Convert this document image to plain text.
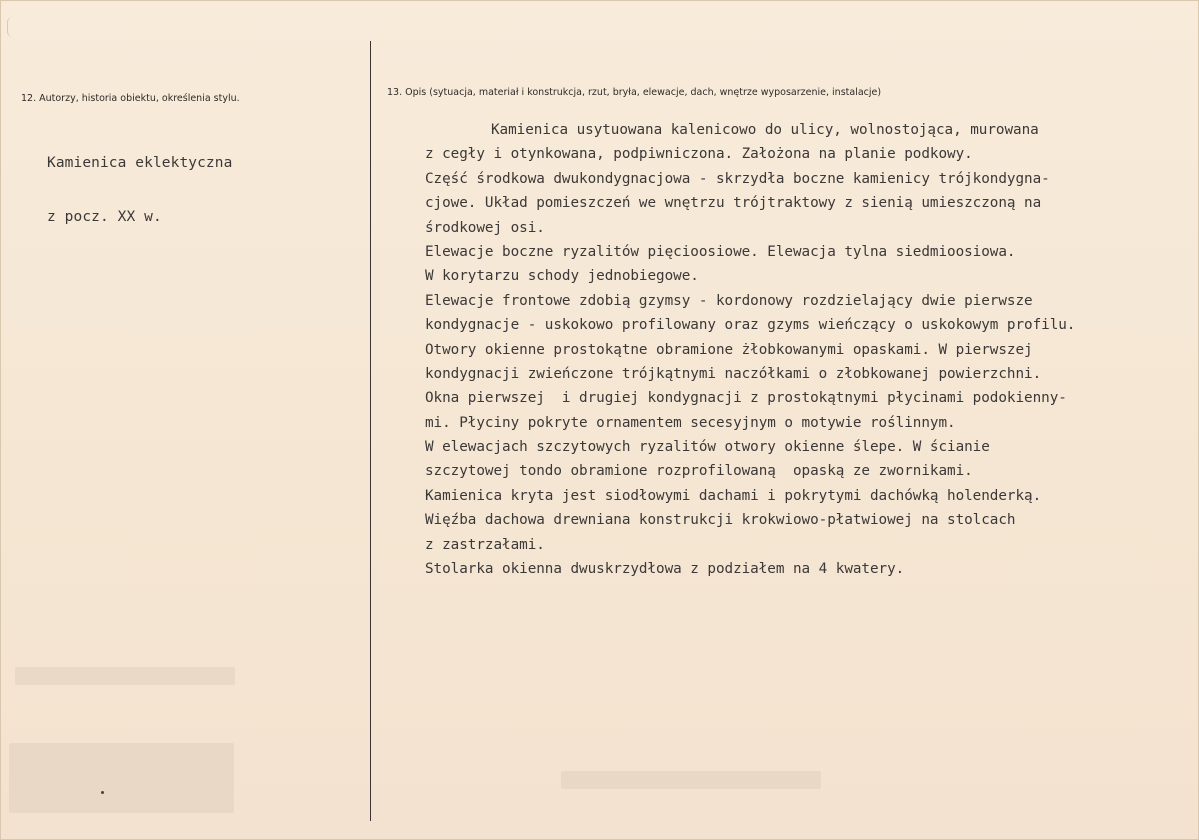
12. Autorzy, historia obiektu, określenia stylu.

Kamienica eklektyczna

z pocz. XX w.

13. Opis (sytuacja, materiał i konstrukcja, rzut, bryła, elewacje, dach, wnętrze wyposarzenie, instalacje)
Kamienica usytuowana kalenicowo do ulicy, wolnostojąca, murowana
z cegły i otynkowana, podpiwniczona. Założona na planie podkowy.
Część środkowa dwukondygnacjowa - skrzydła boczne kamienicy trójkondygna-
cjowe. Układ pomieszczeń we wnętrzu trójtraktowy z sienią umieszczoną na
środkowej osi.
Elewacje boczne ryzalitów pięcioosiowe. Elewacja tylna siedmioosiowa.
W korytarzu schody jednobiegowe.
Elewacje frontowe zdobią gzymsy - kordonowy rozdzielający dwie pierwsze
kondygnacje - uskokowo profilowany oraz gzyms wieńczący o uskokowym profilu.
Otwory okienne prostokątne obramione żłobkowanymi opaskami. W pierwszej
kondygnacji zwieńczone trójkątnymi naczółkami o złobkowanej powierzchni.
Okna pierwszej  i drugiej kondygnacji z prostokątnymi płycinami podokienny-
mi. Płyciny pokryte ornamentem secesyjnym o motywie roślinnym.
W elewacjach szczytowych ryzalitów otwory okienne ślepe. W ścianie
szczytowej tondo obramione rozprofilowaną  opaską ze zwornikami.
Kamienica kryta jest siodłowymi dachami i pokrytymi dachówką holenderką.
Więźba dachowa drewniana konstrukcji krokwiowo-płatwiowej na stolcach
z zastrzałami.
Stolarka okienna dwuskrzydłowa z podziałem na 4 kwatery.
